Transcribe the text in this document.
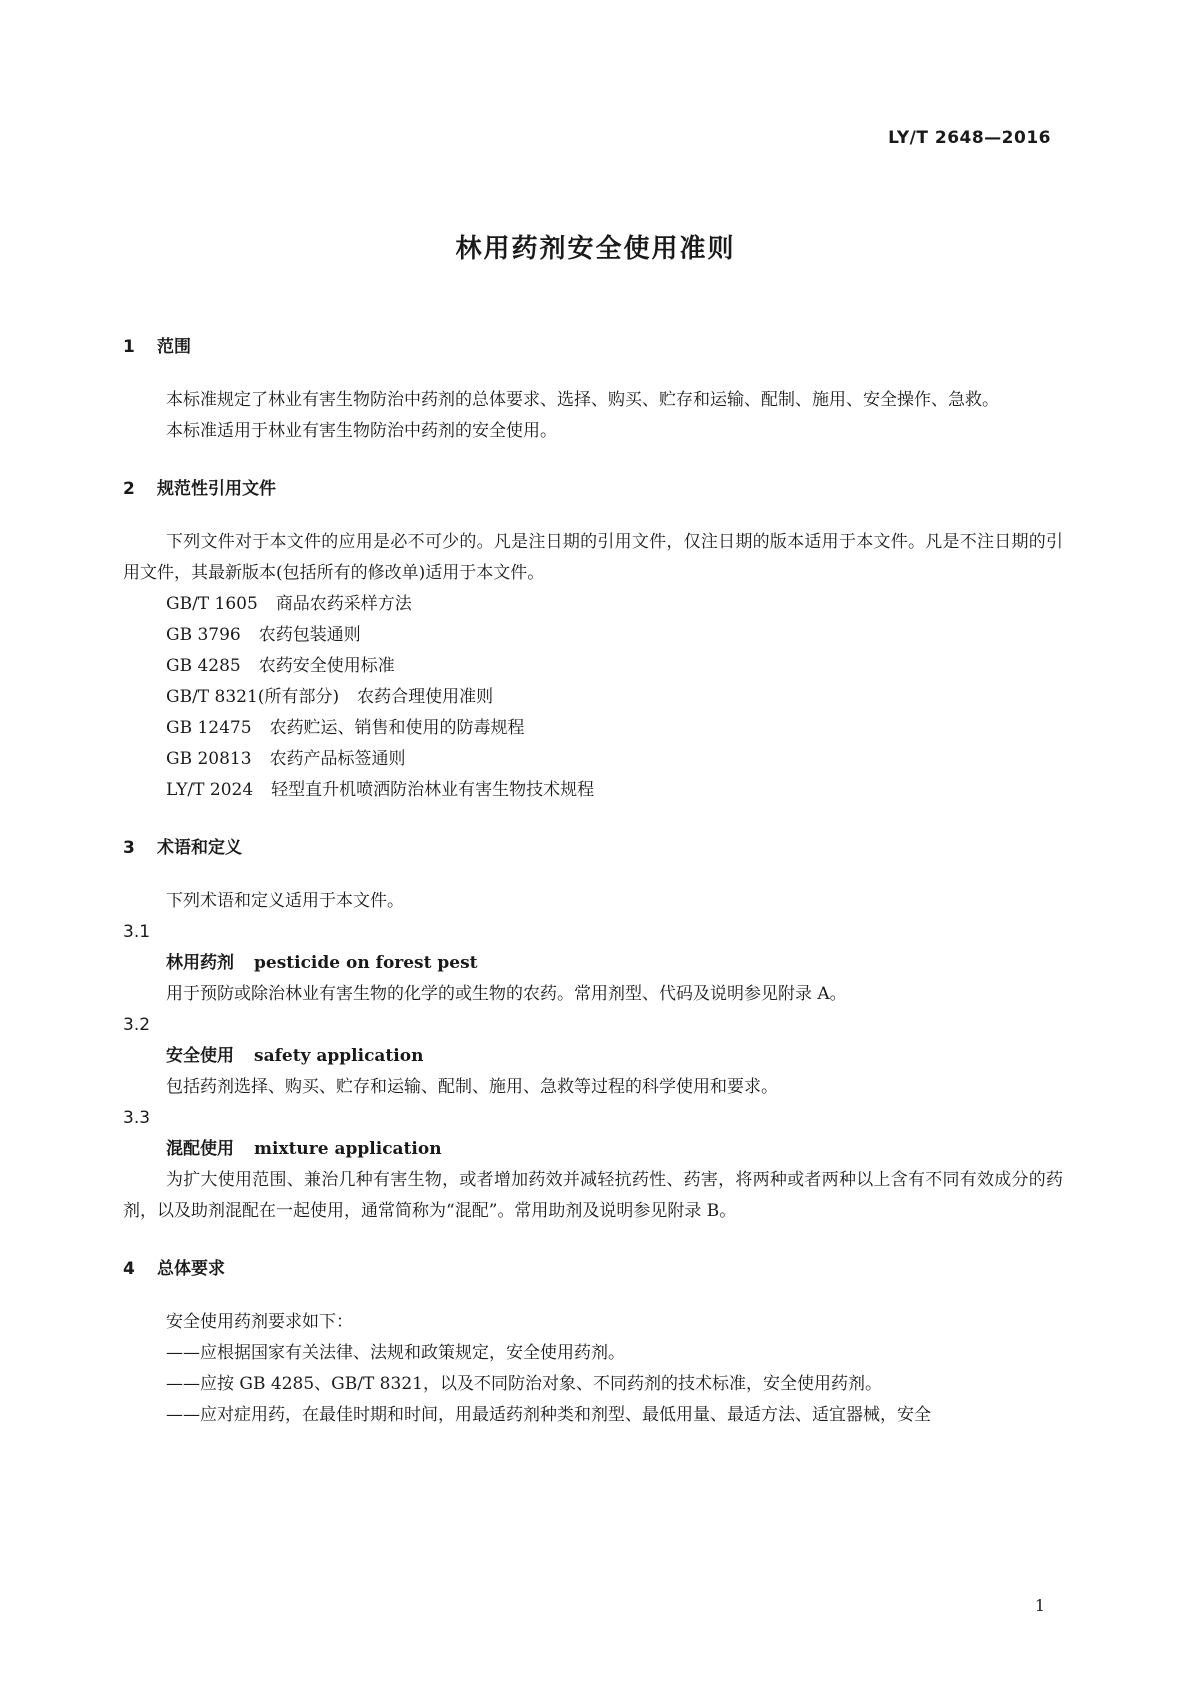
LY/T 2648—2016
林用药剂安全使用准则
1	范围
本标准规定了林业有害生物防治中药剂的总体要求、选择、购买、贮存和运输、配制、施用、安全操作、急救。
本标准适用于林业有害生物防治中药剂的安全使用。
2	规范性引用文件
下列文件对于本文件的应用是必不可少的。凡是注日期的引用文件，仅注日期的版本适用于本文件。凡是不注日期的引用文件，其最新版本(包括所有的修改单)适用于本文件。
GB/T 1605 商品农药采样方法
GB 3796 农药包装通则
GB 4285 农药安全使用标准
GB/T 8321(所有部分) 农药合理使用准则
GB 12475 农药贮运、销售和使用的防毒规程
GB 20813 农药产品标签通则
LY/T 2024 轻型直升机喷洒防治林业有害生物技术规程
3	术语和定义
下列术语和定义适用于本文件。
3.1
林用药剂 pesticide on forest pest
用于预防或除治林业有害生物的化学的或生物的农药。常用剂型、代码及说明参见附录 A。
3.2
安全使用 safety application
包括药剂选择、购买、贮存和运输、配制、施用、急救等过程的科学使用和要求。
3.3
混配使用 mixture application
为扩大使用范围、兼治几种有害生物，或者增加药效并减轻抗药性、药害，将两种或者两种以上含有不同有效成分的药剂，以及助剂混配在一起使用，通常简称为“混配”。常用助剂及说明参见附录 B。
4	总体要求
安全使用药剂要求如下：
——应根据国家有关法律、法规和政策规定，安全使用药剂。
——应按 GB 4285、GB/T 8321，以及不同防治对象、不同药剂的技术标准，安全使用药剂。
——应对症用药，在最佳时期和时间，用最适药剂种类和剂型、最低用量、最适方法、适宜器械，安全
1
